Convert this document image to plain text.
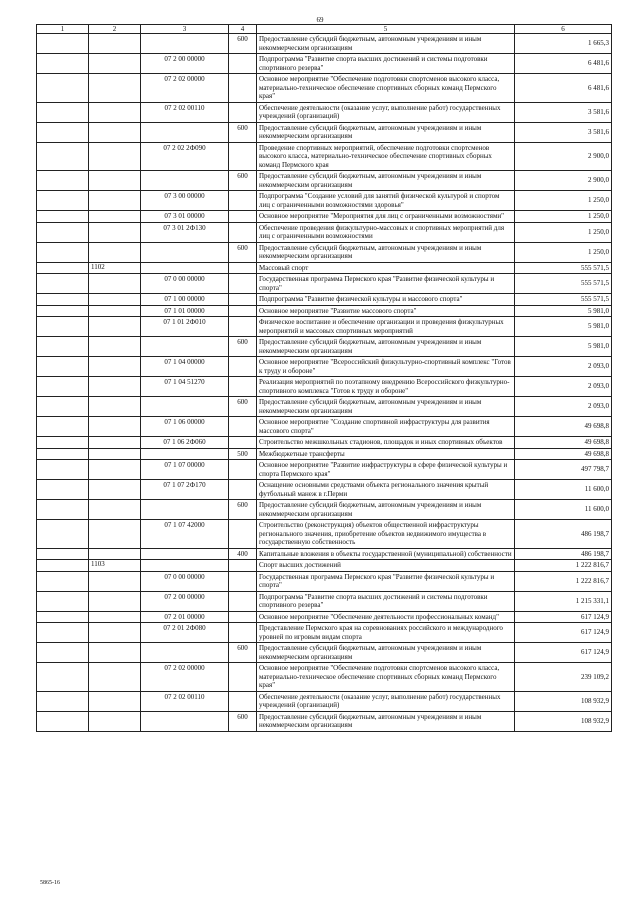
69
1	2	3	4	5	6
			600	Предоставление субсидий бюджетным, автономным учреждениям и иным некоммерческим организациям	1 665,3
		07 2 00 00000		Подпрограмма "Развитие спорта высших достижений и системы подготовки спортивного резерва"	6 481,6
		07 2 02 00000		Основное мероприятие "Обеспечение подготовки спортсменов высокого класса, материально-техническое обеспечение спортивных сборных команд Пермского края"	6 481,6
		07 2 02 00110		Обеспечение деятельности (оказание услуг, выполнение работ) государственных учреждений (организаций)	3 581,6
			600	Предоставление субсидий бюджетным, автономным учреждениям и иным некоммерческим организациям	3 581,6
		07 2 02 2Ф090		Проведение спортивных мероприятий, обеспечение подготовки спортсменов высокого класса, материально-техническое обеспечение спортивных сборных команд Пермского края	2 900,0
			600	Предоставление субсидий бюджетным, автономным учреждениям и иным некоммерческим организациям	2 900,0
		07 3 00 00000		Подпрограмма "Создание условий для занятий физической культурой и спортом лиц с ограниченными возможностями здоровья"	1 250,0
		07 3 01 00000		Основное мероприятие "Мероприятия для лиц с ограниченными возможностями"	1 250,0
		07 3 01 2Ф130		Обеспечение проведения физкультурно-массовых и спортивных мероприятий для лиц с ограниченными возможностями	1 250,0
			600	Предоставление субсидий бюджетным, автономным учреждениям и иным некоммерческим организациям	1 250,0
	1102			Массовый спорт	555 571,5
		07 0 00 00000		Государственная программа Пермского края "Развитие физической культуры и спорта"	555 571,5
		07 1 00 00000		Подпрограмма "Развитие физической культуры и массового спорта"	555 571,5
		07 1 01 00000		Основное мероприятие "Развитие массового спорта"	5 981,0
		07 1 01 2Ф010		Физическое воспитание и обеспечение организации и проведения физкультурных мероприятий и массовых спортивных мероприятий	5 981,0
			600	Предоставление субсидий бюджетным, автономным учреждениям и иным некоммерческим организациям	5 981,0
		07 1 04 00000		Основное мероприятие "Всероссийский физкультурно-спортивный комплекс "Готов к труду и обороне"	2 093,0
		07 1 04 51270		Реализация мероприятий по поэтапному внедрению Всероссийского физкультурно-спортивного комплекса "Готов к труду и обороне"	2 093,0
			600	Предоставление субсидий бюджетным, автономным учреждениям и иным некоммерческим организациям	2 093,0
		07 1 06 00000		Основное мероприятие "Создание спортивной инфраструктуры для развития массового спорта"	49 698,8
		07 1 06 2Ф060		Строительство межшкольных стадионов, площадок и иных спортивных объектов	49 698,8
			500	Межбюджетные трансферты	49 698,8
		07 1 07 00000		Основное мероприятие "Развитие инфраструктуры в сфере физической культуры и спорта Пермского края"	497 798,7
		07 1 07 2Ф170		Оснащение основными средствами объекта регионального значения крытый футбольный манеж в г.Перми	11 600,0
			600	Предоставление субсидий бюджетным, автономным учреждениям и иным некоммерческим организациям	11 600,0
		07 1 07 42000		Строительство (реконструкция) объектов общественной инфраструктуры регионального значения, приобретение объектов недвижимого имущества в государственную собственность	486 198,7
			400	Капитальные вложения в объекты государственной (муниципальной) собственности	486 198,7
	1103			Спорт высших достижений	1 222 816,7
		07 0 00 00000		Государственная программа Пермского края "Развитие физической культуры и спорта"	1 222 816,7
		07 2 00 00000		Подпрограмма "Развитие спорта высших достижений и системы подготовки спортивного резерва"	1 215 331,1
		07 2 01 00000		Основное мероприятие "Обеспечение деятельности профессиональных команд"	617 124,9
		07 2 01 2Ф080		Представление Пермского края на соревнованиях российского и международного уровней по игровым видам спорта	617 124,9
			600	Предоставление субсидий бюджетным, автономным учреждениям и иным некоммерческим организациям	617 124,9
		07 2 02 00000		Основное мероприятие "Обеспечение подготовки спортсменов высокого класса, материально-техническое обеспечение спортивных сборных команд Пермского края"	239 109,2
		07 2 02 00110		Обеспечение деятельности (оказание услуг, выполнение работ) государственных учреждений (организаций)	108 932,9
			600	Предоставление субсидий бюджетным, автономным учреждениям и иным некоммерческим организациям	108 932,9
5865-16
